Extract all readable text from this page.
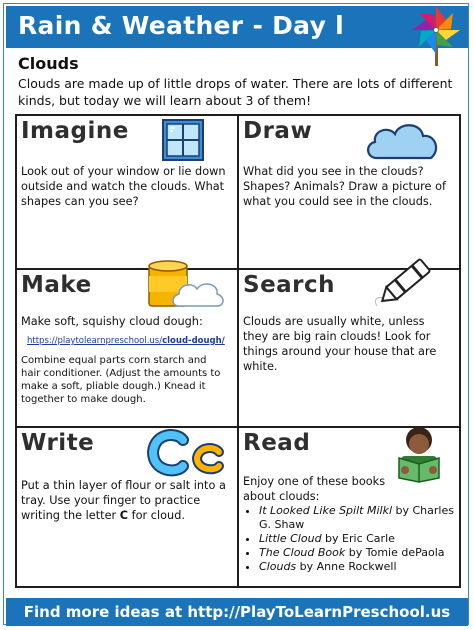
Rain & Weather - Day l
Clouds
Clouds are made up of little drops of water. There are lots of different kinds, but today we will learn about 3 of them!
Imagine
Look out of your window or lie down outside and watch the clouds. What shapes can you see?
Draw
What did you see in the clouds? Shapes? Animals? Draw a picture of what you could see in the clouds.
Make
Make soft, squishy cloud dough:
https://playtolearnpreschool.us/cloud-dough/
Combine equal parts corn starch and hair conditioner. (Adjust the amounts to make a soft, pliable dough.) Knead it together to make dough.
Search
Clouds are usually white, unless they are big rain clouds! Look for things around your house that are white.
Write
Put a thin layer of flour or salt into a tray. Use your finger to practice writing the letter C for cloud.
Read
Enjoy one of these books about clouds:
• It Looked Like Spilt Milkl by Charles G. Shaw
• Little Cloud by Eric Carle
• The Cloud Book by Tomie dePaola
• Clouds by Anne Rockwell
Find more ideas at http://PlayToLearnPreschool.us
